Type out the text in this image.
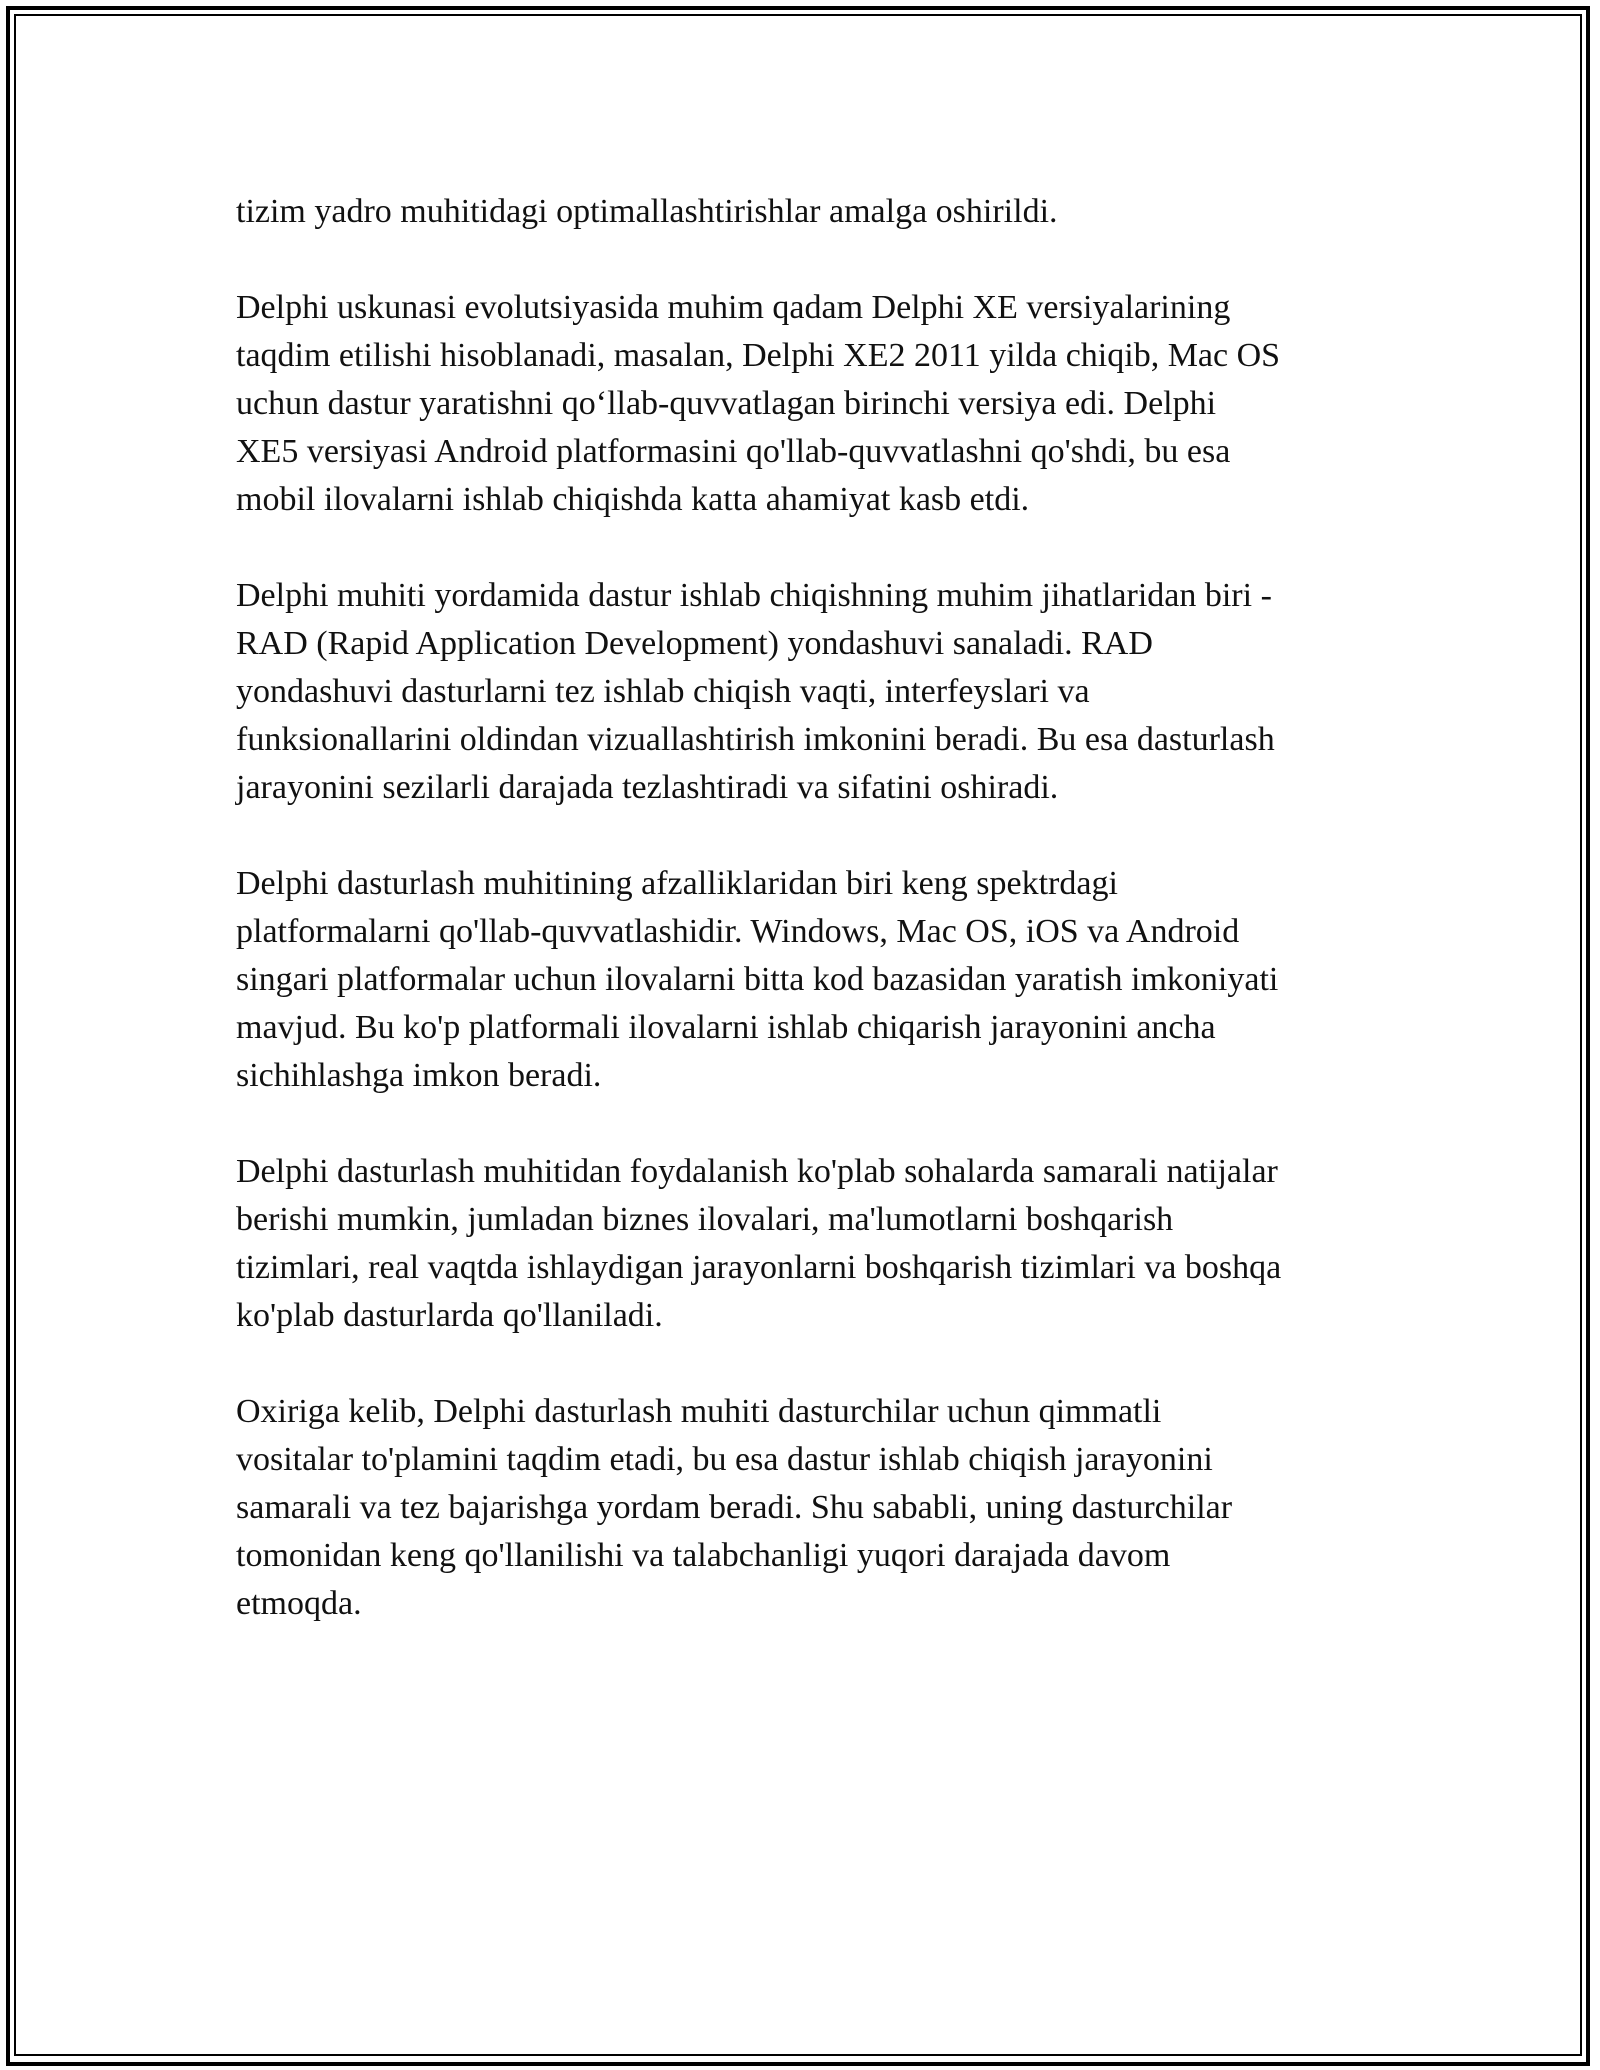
tizim yadro muhitidagi optimallashtirishlar amalga oshirildi.

Delphi uskunasi evolutsiyasida muhim qadam Delphi XE versiyalarining
taqdim etilishi hisoblanadi, masalan, Delphi XE2 2011 yilda chiqib, Mac OS
uchun dastur yaratishni qo‘llab-quvvatlagan birinchi versiya edi. Delphi
XE5 versiyasi Android platformasini qo'llab-quvvatlashni qo'shdi, bu esa
mobil ilovalarni ishlab chiqishda katta ahamiyat kasb etdi.

Delphi muhiti yordamida dastur ishlab chiqishning muhim jihatlaridan biri -
RAD (Rapid Application Development) yondashuvi sanaladi. RAD
yondashuvi dasturlarni tez ishlab chiqish vaqti, interfeyslari va
funksionallarini oldindan vizuallashtirish imkonini beradi. Bu esa dasturlash
jarayonini sezilarli darajada tezlashtiradi va sifatini oshiradi.

Delphi dasturlash muhitining afzalliklaridan biri keng spektrdagi
platformalarni qo'llab-quvvatlashidir. Windows, Mac OS, iOS va Android
singari platformalar uchun ilovalarni bitta kod bazasidan yaratish imkoniyati
mavjud. Bu ko'p platformali ilovalarni ishlab chiqarish jarayonini ancha
sichihlashga imkon beradi.

Delphi dasturlash muhitidan foydalanish ko'plab sohalarda samarali natijalar
berishi mumkin, jumladan biznes ilovalari, ma'lumotlarni boshqarish
tizimlari, real vaqtda ishlaydigan jarayonlarni boshqarish tizimlari va boshqa
ko'plab dasturlarda qo'llaniladi.

Oxiriga kelib, Delphi dasturlash muhiti dasturchilar uchun qimmatli
vositalar to'plamini taqdim etadi, bu esa dastur ishlab chiqish jarayonini
samarali va tez bajarishga yordam beradi. Shu sababli, uning dasturchilar
tomonidan keng qo'llanilishi va talabchanligi yuqori darajada davom
etmoqda.
